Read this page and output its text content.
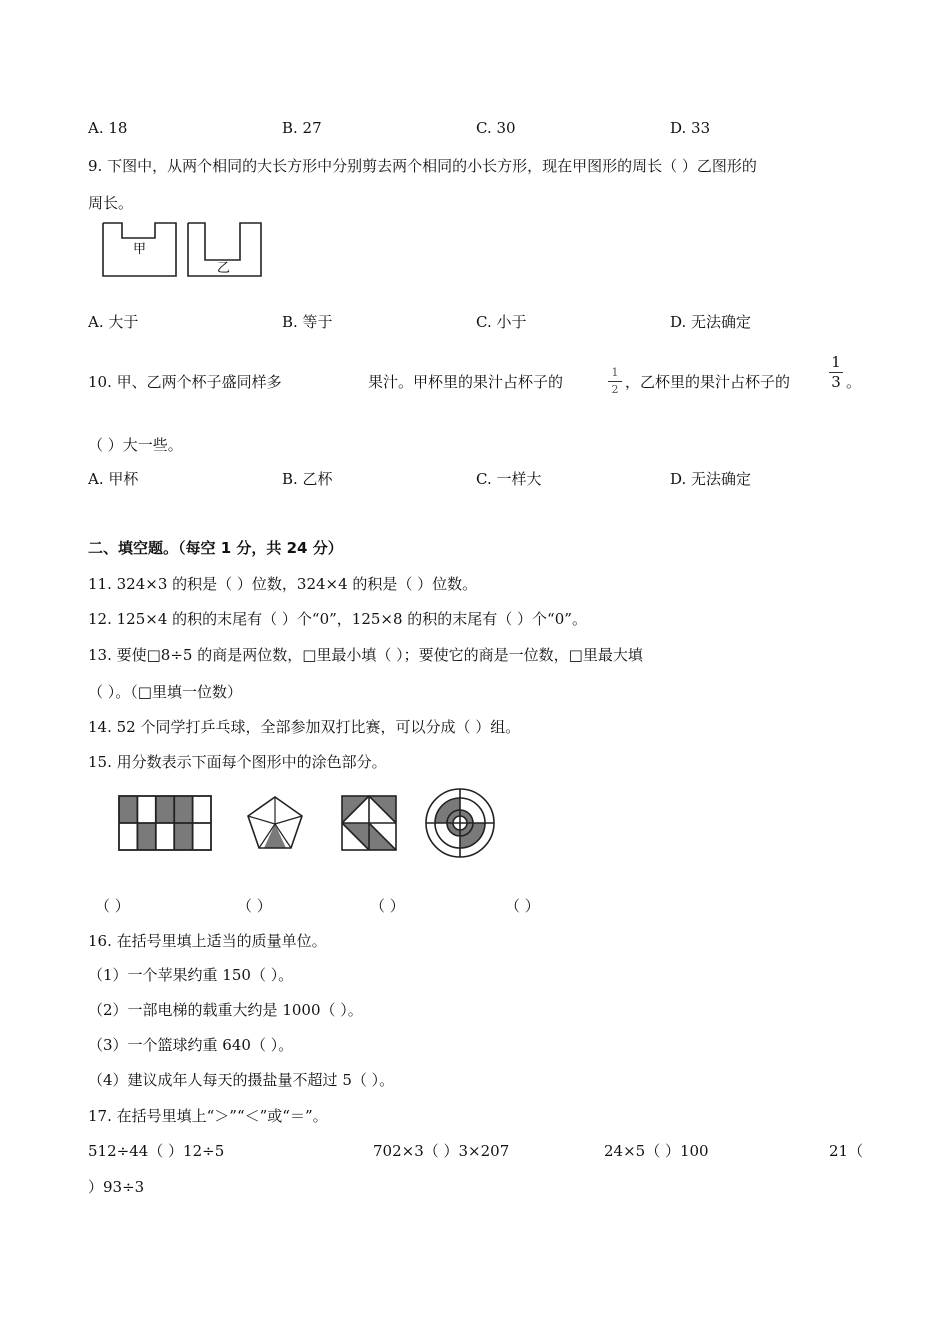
A. 18	B. 27	C. 30	D. 33
9. 下图中，从两个相同的大长方形中分别剪去两个相同的小长方形，现在甲图形的周长（ ）乙图形的
周长。
甲
乙
A. 大于	B. 等于	C. 小于	D. 无法确定
10. 甲、乙两个杯子盛同样多	果汁。甲杯里的果汁占杯子的
1
2 ，乙杯里的果汁占杯子的
1
3 。
（ ）大一些。
A. 甲杯	B. 乙杯	C. 一样大	D. 无法确定
二、填空题。（每空 1 分，共 24 分）
11. 324×3 的积是（ ）位数，324×4 的积是（ ）位数。
12. 125×4 的积的末尾有（ ）个“0”，125×8 的积的末尾有（ ）个“0”。
13. 要使□8÷5 的商是两位数，□里最小填（ ）；要使它的商是一位数，□里最大填
（ ）。（□里填一位数）
14. 52 个同学打乒乓球，全部参加双打比赛，可以分成（ ）组。
15. 用分数表示下面每个图形中的涂色部分。
（ ）	（ ）	（ ）	（ ）
16. 在括号里填上适当的质量单位。
（1）一个苹果约重 150（ ）。
（2）一部电梯的载重大约是 1000（ ）。
（3）一个篮球约重 640（ ）。
（4）建议成年人每天的摄盐量不超过 5（ ）。
17. 在括号里填上“＞”“＜”或“＝”。
512÷44（ ）12÷5	702×3（ ）3×207	24×5（ ）100	21（
）93÷3
